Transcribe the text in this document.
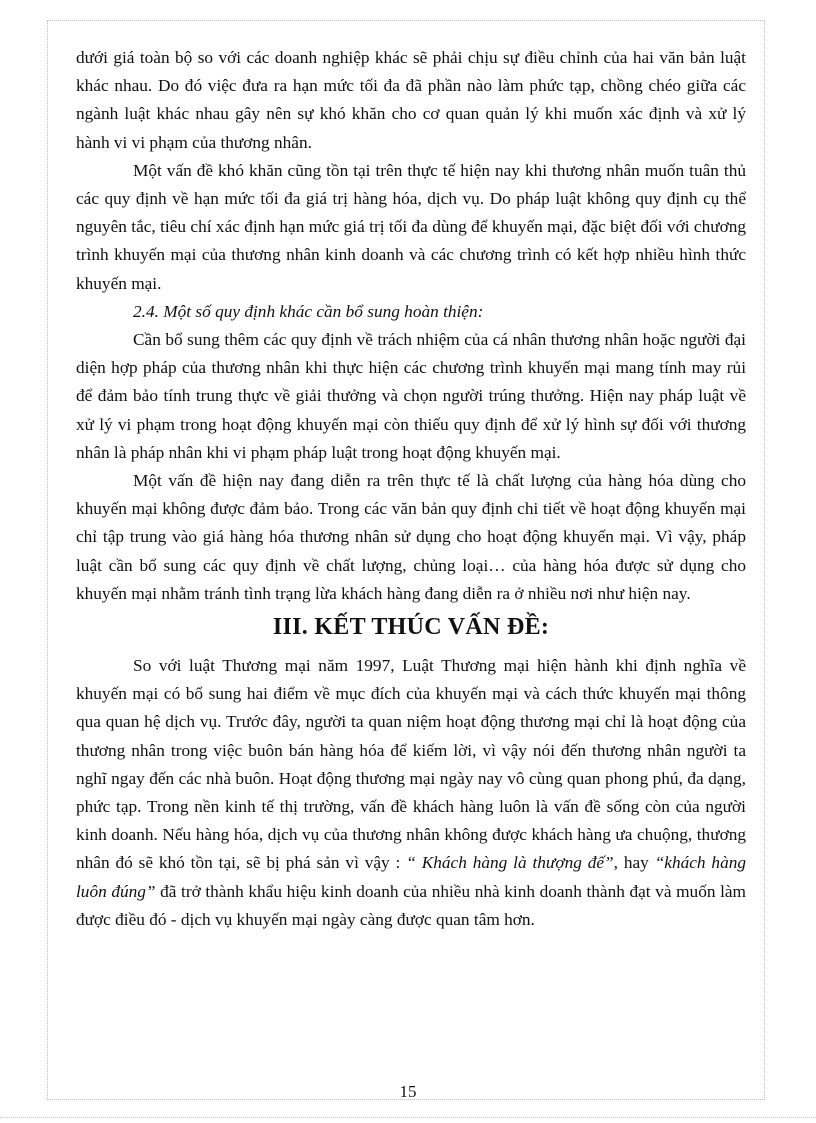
dưới giá toàn bộ so với các doanh nghiệp khác sẽ phải chịu sự điều chỉnh của hai văn bản luật khác nhau. Do đó việc đưa ra hạn mức tối đa đã phần nào làm phức tạp, chồng chéo giữa các ngành luật khác nhau gây nên sự khó khăn cho cơ quan quản lý khi muốn xác định và xử lý hành vi vi phạm của thương nhân.

Một vấn đề khó khăn cũng tồn tại trên thực tế hiện nay khi thương nhân muốn tuân thủ các quy định về hạn mức tối đa giá trị hàng hóa, dịch vụ. Do pháp luật không quy định cụ thể nguyên tắc, tiêu chí xác định hạn mức giá trị tối đa dùng để khuyến mại, đặc biệt đối với chương trình khuyến mại của thương nhân kinh doanh và các chương trình có kết hợp nhiều hình thức khuyến mại.

2.4. Một số quy định khác cần bổ sung hoàn thiện:

Cần bổ sung thêm các quy định về trách nhiệm của cá nhân thương nhân hoặc người đại diện hợp pháp của thương nhân khi thực hiện các chương trình khuyến mại mang tính may rủi để đảm bảo tính trung thực về giải thưởng và chọn người trúng thưởng. Hiện nay pháp luật về xử lý vi phạm trong hoạt động khuyến mại còn thiếu quy định để xử lý hình sự đối với thương nhân là pháp nhân khi vi phạm pháp luật trong hoạt động khuyến mại.

Một vấn đề hiện nay đang diễn ra trên thực tế là chất lượng của hàng hóa dùng cho khuyến mại không được đảm bảo. Trong các văn bản quy định chi tiết về hoạt động khuyến mại chỉ tập trung vào giá hàng hóa thương nhân sử dụng cho hoạt động khuyến mại. Vì vậy, pháp luật cần bổ sung các quy định về chất lượng, chủng loại… của hàng hóa được sử dụng cho khuyến mại nhằm tránh tình trạng lừa khách hàng đang diễn ra ở nhiều nơi như hiện nay.

III. KẾT THÚC VẤN ĐỀ:

So với luật Thương mại năm 1997, Luật Thương mại hiện hành khi định nghĩa về khuyến mại có bổ sung hai điểm về mục đích của khuyến mại và cách thức khuyến mại thông qua quan hệ dịch vụ. Trước đây, người ta quan niệm hoạt động thương mại chỉ là hoạt động của thương nhân trong việc buôn bán hàng hóa để kiếm lời, vì vậy nói đến thương nhân người ta nghĩ ngay đến các nhà buôn. Hoạt động thương mại ngày nay vô cùng quan phong phú, đa dạng, phức tạp. Trong nền kinh tế thị trường, vấn đề khách hàng luôn là vấn đề sống còn của người kinh doanh. Nếu hàng hóa, dịch vụ của thương nhân không được khách hàng ưa chuộng, thương nhân đó sẽ khó tồn tại, sẽ bị phá sản vì vậy : “ Khách hàng là thượng đế”, hay “khách hàng luôn đúng” đã trở thành khẩu hiệu kinh doanh của nhiều nhà kinh doanh thành đạt và muốn làm được điều đó - dịch vụ khuyến mại ngày càng được quan tâm hơn.

15
